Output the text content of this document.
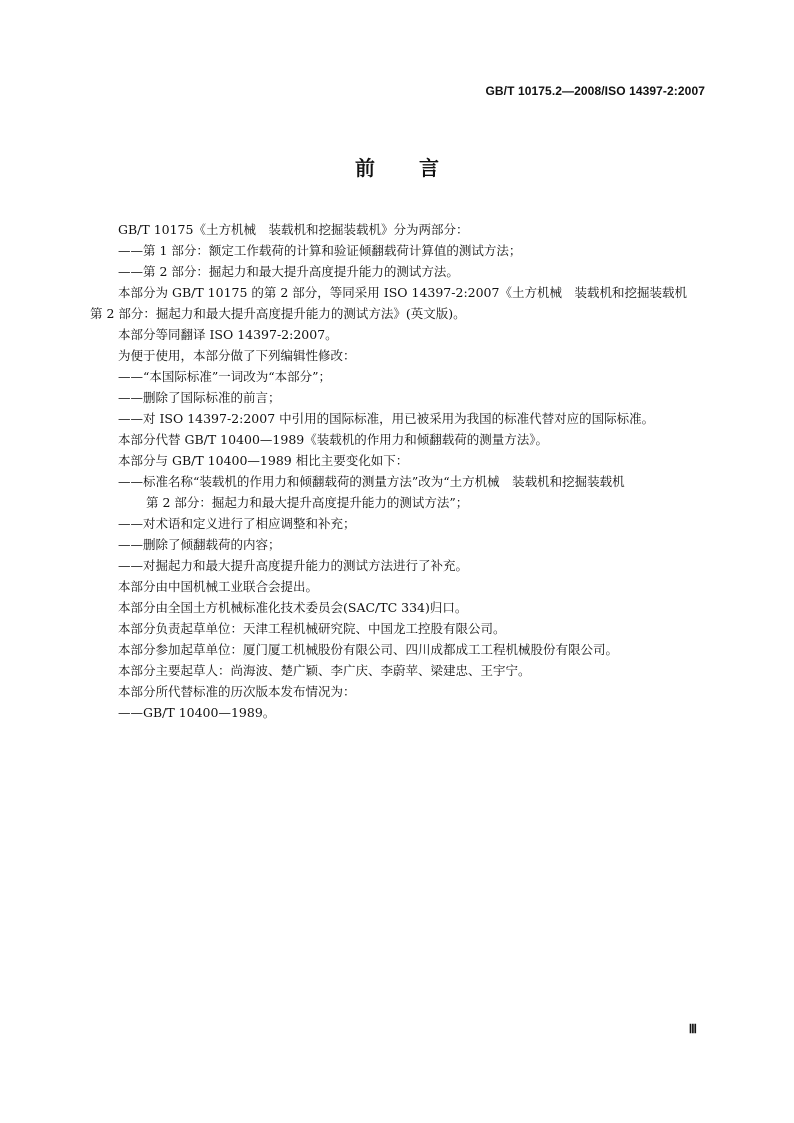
GB/T 10175.2—2008/ISO 14397-2:2007
前言
GB/T 10175《土方机械　装载机和挖掘装载机》分为两部分：
——第 1 部分：额定工作载荷的计算和验证倾翻载荷计算值的测试方法；
——第 2 部分：掘起力和最大提升高度提升能力的测试方法。
本部分为 GB/T 10175 的第 2 部分，等同采用 ISO 14397-2:2007《土方机械　装载机和挖掘装载机
第 2 部分：掘起力和最大提升高度提升能力的测试方法》(英文版)。
本部分等同翻译 ISO 14397-2:2007。
为便于使用，本部分做了下列编辑性修改：
——“本国际标准”一词改为“本部分”；
——删除了国际标准的前言；
——对 ISO 14397-2:2007 中引用的国际标准，用已被采用为我国的标准代替对应的国际标准。
本部分代替 GB/T 10400—1989《装载机的作用力和倾翻载荷的测量方法》。
本部分与 GB/T 10400—1989 相比主要变化如下：
——标准名称“装载机的作用力和倾翻载荷的测量方法”改为“土方机械　装载机和挖掘装载机
第 2 部分：掘起力和最大提升高度提升能力的测试方法”；
——对术语和定义进行了相应调整和补充；
——删除了倾翻载荷的内容；
——对掘起力和最大提升高度提升能力的测试方法进行了补充。
本部分由中国机械工业联合会提出。
本部分由全国土方机械标准化技术委员会(SAC/TC 334)归口。
本部分负责起草单位：天津工程机械研究院、中国龙工控股有限公司。
本部分参加起草单位：厦门厦工机械股份有限公司、四川成都成工工程机械股份有限公司。
本部分主要起草人：尚海波、楚广颖、李广庆、李蔚苹、梁建忠、王宇宁。
本部分所代替标准的历次版本发布情况为：
——GB/T 10400—1989。
Ⅲ
